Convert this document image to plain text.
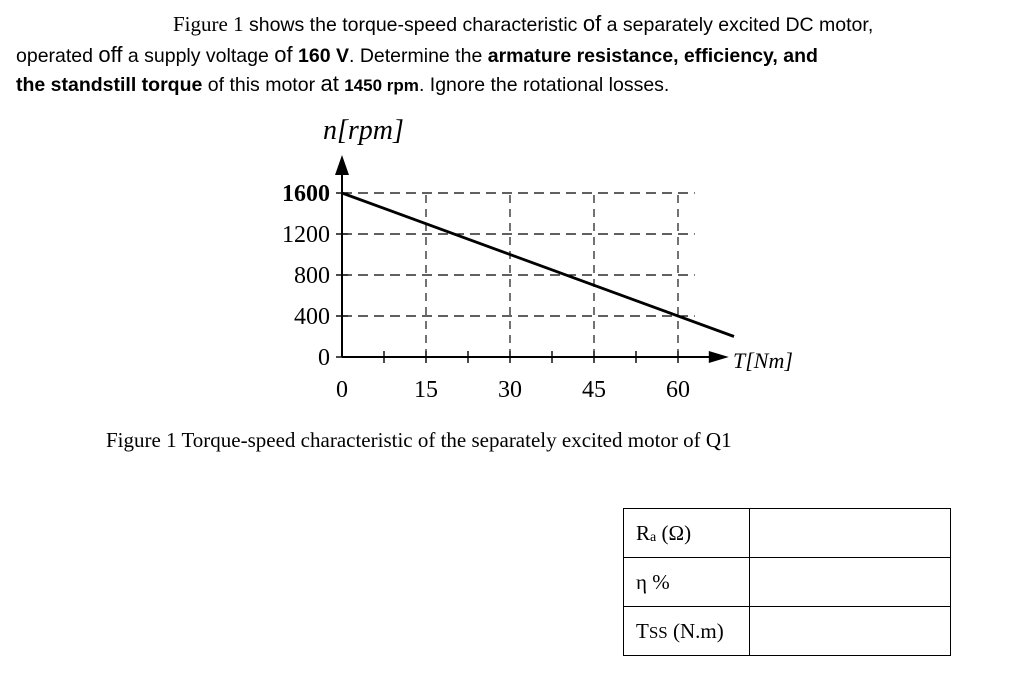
Figure 1 shows the torque-speed characteristic of a separately excited DC motor,
operated off a supply voltage of 160 V. Determine the armature resistance, efficiency, and
the standstill torque of this motor at 1450 rpm. Ignore the rotational losses.
0
400
800
1200
1600
0	15	30	45	60
n[rpm]
T[Nm]
Figure 1 Torque-speed characteristic of the separately excited motor of Q1
Ra (Ω)	
η %	
TSS (N.m)	
